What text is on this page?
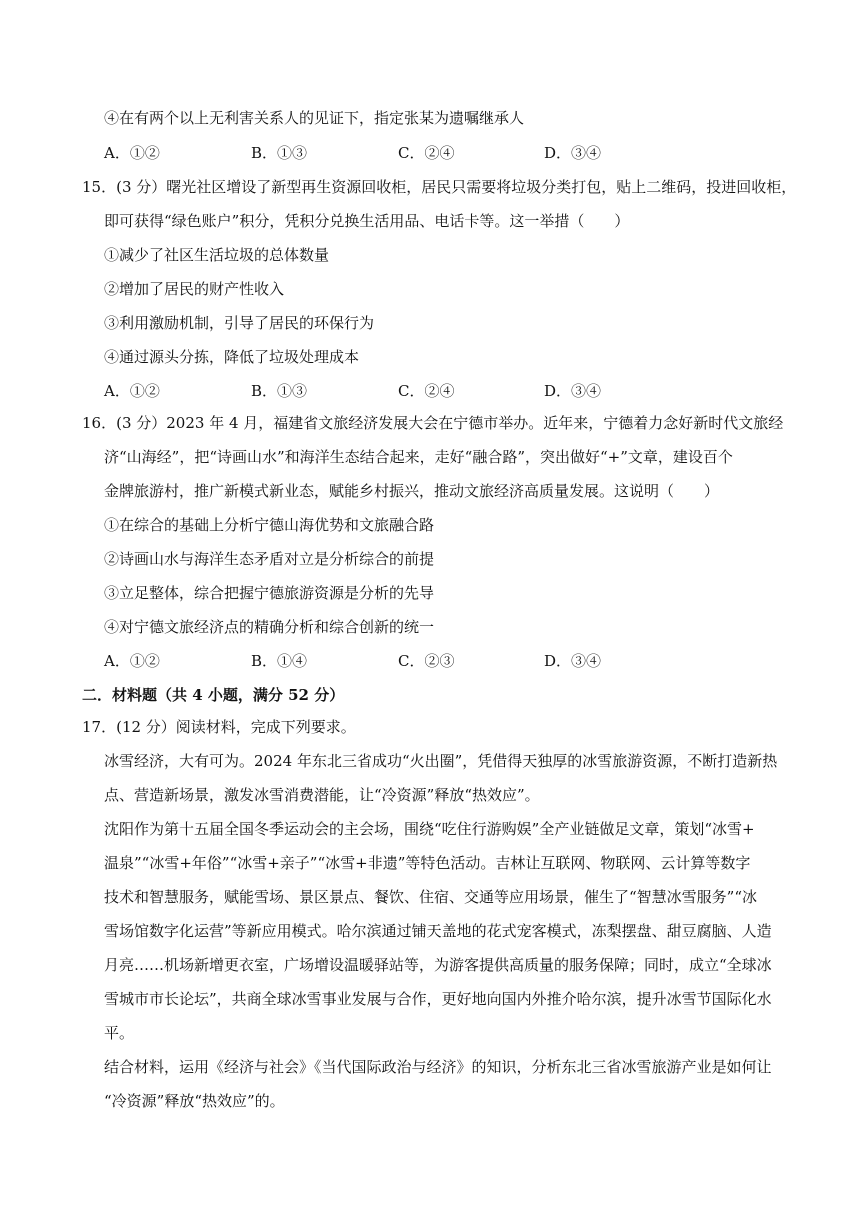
④在有两个以上无利害关系人的见证下，指定张某为遗嘱继承人
A．①②	B．①③	C．②④	D．③④
15．(3 分）曙光社区增设了新型再生资源回收柜，居民只需要将垃圾分类打包，贴上二维码，投进回收柜，
即可获得“绿色账户”积分，凭积分兑换生活用品、电话卡等。这一举措（　　）
①减少了社区生活垃圾的总体数量
②增加了居民的财产性收入
③利用激励机制，引导了居民的环保行为
④通过源头分拣，降低了垃圾处理成本
A．①②	B．①③	C．②④	D．③④
16．(3 分）2023 年 4 月，福建省文旅经济发展大会在宁德市举办。近年来，宁德着力念好新时代文旅经
济“山海经”，把“诗画山水”和海洋生态结合起来，走好“融合路”，突出做好“+”文章，建设百个
金牌旅游村，推广新模式新业态，赋能乡村振兴，推动文旅经济高质量发展。这说明（　　）
①在综合的基础上分析宁德山海优势和文旅融合路
②诗画山水与海洋生态矛盾对立是分析综合的前提
③立足整体，综合把握宁德旅游资源是分析的先导
④对宁德文旅经济点的精确分析和综合创新的统一
A．①②	B．①④	C．②③	D．③④
二．材料题（共 4 小题，满分 52 分）
17．(12 分）阅读材料，完成下列要求。
冰雪经济，大有可为。2024 年东北三省成功“火出圈”，凭借得天独厚的冰雪旅游资源，不断打造新热
点、营造新场景，激发冰雪消费潜能，让“冷资源”释放“热效应”。
沈阳作为第十五届全国冬季运动会的主会场，围绕“吃住行游购娱”全产业链做足文章，策划“冰雪+
温泉”“冰雪+年俗”“冰雪+亲子”“冰雪+非遗”等特色活动。吉林让互联网、物联网、云计算等数字
技术和智慧服务，赋能雪场、景区景点、餐饮、住宿、交通等应用场景，催生了“智慧冰雪服务”“冰
雪场馆数字化运营”等新应用模式。哈尔滨通过铺天盖地的花式宠客模式，冻梨摆盘、甜豆腐脑、人造
月亮……机场新增更衣室，广场增设温暖驿站等，为游客提供高质量的服务保障；同时，成立“全球冰
雪城市市长论坛”，共商全球冰雪事业发展与合作，更好地向国内外推介哈尔滨，提升冰雪节国际化水
平。
结合材料，运用《经济与社会》《当代国际政治与经济》的知识，分析东北三省冰雪旅游产业是如何让
“冷资源”释放“热效应”的。
